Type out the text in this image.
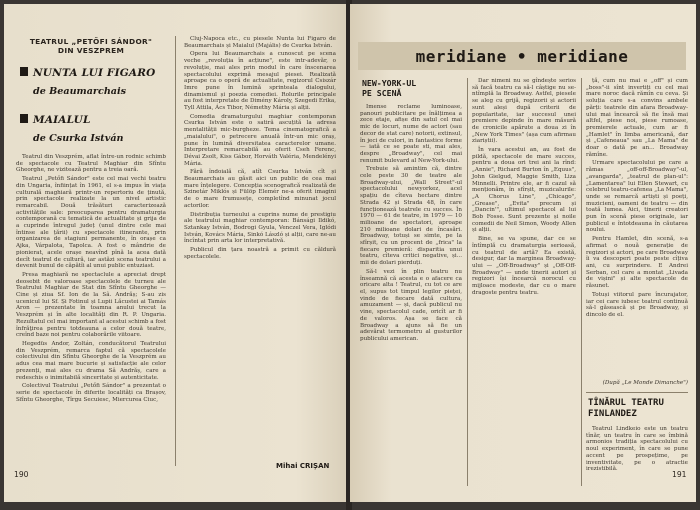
TEATRUL „PETŐFI SÁNDOR"
DIN VESZPREM
NUNTA LUI FIGARO
de Beaumarchais
MAIALUL
de Csurka István

Teatrul din Veszprém, aflat între-un rodnic schimb de spectacole cu Teatrul Maghiar din Sfîntu Gheorghe, ne vizitează pentru a treia oară.

Teatrul „Petőfi Sándor" este cel mai vechi teatru din Ungaria, înființat în 1961, el s-a impus în viața culturală maghiară printr-un repertoriu de ținută, prin spectacole realizate la un nivel artistic remarcabil. Două trăsături caracterizează activitățile sale: preocuparea pentru dramaturgia contemporană cu tematică de actualitate și grija de a cuprinde întregul județ (unul dintre cele mai întinse ale țării) cu spectacole itinerante, prin organizarea de stagiuni permanente, în orașe ca Ajka, Várpalota, Tapolca. A fost o mândrie de pionierat, acele orașe neavînd pînă la acea dată decît teatrul de cultură, iar astăzi scena teatrului a devenit bunul de căpătîi al unui public entuziast.

Presa maghiară ne spectaclule a apreciat drept deosebit de valoroase spectacolele de turneu ale Teatrului Maghiar de Stat din Sfîntu Gheorghe — Cine și ziua Sf. Ion de la Sâ. Andrăș; S-au zis ucenicul lui Sf. Și Fotinul și Lupii Lăcustei ai Tamás Aron — prezentate în toamna anului trecut la Veszprém și în alte localități din R. P. Ungaria. Rezultatul cel mai important al acestui schimb a fost înfrăţirea pentru totdeauna a celor două teatre, creînd baze noi pentru colaborările viitoare.

Hegedüs Andor, Zoltán, conducătorul Teatrului din Veszprém, remarca faptul că spectacolele colectivului din Sfîntu Gheorghe de la Veszprém au adus cea mai mare bucurie și satisfacție ale celor prezenți, mai ales cu drama Sâ Andrăș, care a redeschis o inimitabilă sinceritate și autenticitate.

Colectivul Teatrului „Petőfi Sándor" a prezentat o serie de spectacole în diferite localități ca Brașov, Sfîntu Gheorghe, Tîrgu Secuiesc, Miercurea Ciuc,

Cluj-Napoca etc., cu piesele Nunta lui Figaro de Beaumarchais și Maialul (Majális) de Csurka István.

Opera lui Beaumarchais a cunoscut pe scena veche „revoluția în acțiune", este intr-adevăr, o revoluție, mai ales prin modul în care înscenarea spectacolului exprimă mesajul piesei. Realizată aproape ca o operă de actualitate, regizorul Csiszár Imre pune în lumină sprinteala dialogului, dinamismul și poezia comediei. Rolurile principale au fost interpretate de Dimény Károly, Szegedi Erika, Tyll Attila, Ács Tibor, Némethy Mária și alții.

Comedia dramaturgului maghiar contemporan Csurka István este o satiră ascuțită la adresa mentalității mic-burgheze. Tema cinematografică a „maialului", o petrecere anuală într-un mic oraș, pune în lumină diversitatea caracterelor umane. Interpretare remarcabilă au oferit Cseh Ferenc, Dévai Zsolt, Kiss Gábor, Horváth Valéria, Mendelényi Mária.

Fără îndoială că, atît Csurka István cît și Beaumarchais au găsit aici un public de cea mai mare înțelegere. Concepția scenografică realizată de Szinetár Miklós și Fülöp Elemér ne-a oferit imagini de o mare frumusețe, completînd minunat jocul actorilor.

Distribuția turneului a cuprins nume de prestigiu ale teatrului maghiar contemporan: Bánsági Ildikó, Sztankay István, Bodrogi Gyula, Venczel Vera, Iglódi István, Kovács Mária, Sinkó László și alții, care ne-au încîntat prin arta lor interpretativă.

Publicul din țara noastră a primit cu căldură spectacolele.

Mihai CRIȘAN
190
meridiane • meridiane
NEW-YORK-UL
PE SCENĂ

Imense reclame luminoase, panouri publicitare pe înălțimea a zece etaje, afișe din satul cel mai mic de locuri, nume de actori (sau decor de stat care) notorii, extinsul, în jeci de culori, in fantastice forme — iată ce se poate sti, mai ales, despre „Broadway", cel mai renumit bulevard al New-York-ului.

Trebuie să amintim că, dintre cele peste 30 de teatre ale Broadway-ului, „Wall Street"-ul spectacolului newyorkez, acel spațiu de cîteva hectare dintre Strada 42 și Strada 48, în care funcționează teatrele cu succes. În 1970 — 61 de teatre, in 1979 — 10 milioane de spectatori, aproape 210 milioane dolari de încasări. Broadway, totuși se simte, pe la sfîrșit, cu un procent de „frica" la fiecare premieră: disparitia unui teatru, cîteva critici negative, și... mii de dolari pierduți.

Să-l vezi în plin teatru nu înseamnă că acesta e o afacere ca oricare alta ! Teatrul, cu tot ce are el, supus tot timpul legilor pieței, vinde de fiecare dată cultura, amuzament — și, dacă publicul nu vine, spectacolul cade, oricît ar fi de valoros. Așa se face că Broadway a ajuns să fie un adevărat termometru al gusturilor publicului american.

Dar nimeni nu se gîndește serios să facă teatru ca să-l câștige nu se-ntîmplă la Broadway. Astfel, piesele se aleg cu grijă, regizorii și actorii sunt aleși după criterii de popularitate, iar succesul unei premiere depinde în mare măsură de cronicile apărute a doua zi în „New York Times" (așa cum afirmau ziariștii).

În vara acestui an, au fost de pildă, spectacole de mare succes, pentru a doua ori trei ani la rînd: „Annie", Richard Burton în „Equus", John Gielgud, Maggie Smith, Liza Minnelli. Printre ele, ar fi cazul să menționăm, în sfîrșit, muzicalurile: „A Chorus Line", „Chicago", „Grease", „Evita" precum și „Dancin'", ultimul spectacol al lui Bob Fosse. Sunt prezente și noile comedii de Neil Simon, Woody Allen și alții.

Bine, se va spune, dar ce se întîmplă cu dramaturgia serioasă, cu teatrul de artă? Ea există, desigur, dar la marginea Broadway-ului — „Off-Broadway" și „Off-Off-Broadway" — unde tinerii autori și regizori își încearcă norocul cu mijloace modeste, dar cu o mare dragoste pentru teatru.

ță, cum nu mai e „off" și cum „boss"-ii sînt invertiți cu cel mai mare noroc dacă rămîn cu ceva. Și soluția care s-a convins ambele părți: teatrele din afara Broadway-ului mai încearcă să fie însă mai altfel, piese noi, piese rumoase, premierele actuale, cum ar fi „Hamlet" în limba americană, dar și „Cafeneaua" sau „La Mama" de doar o dată pe an... Broadway rămîne.

Urmare spectacolului pe care a rămas „off-off-Broadway"-ul, „avangarda", „teatrul de plan-ul": „Lamentarea" lui Ellen Stewart, cu celebrul teatru-cafenea „La Mama", unde se remarcă artiști și poeți, muzicieni, oameni de teatru — din toată lumea. Aici, tinerii creatori pun în scenă piese originale, iar publicul e întotdeauna în căutarea noului.

Pentru Hamlet, din scenă, s-a afirmat o nouă generație de regizori și actori, pe care Broadway îi va descoperi poate peste cîțiva ani, cu surprindere. E Andrei Serban, cel care a montat „Livada de vișini" și alte spectacole de răsunet.

Totuși viitorul pare încurajator, iar cei care iubesc teatrul continuă să-l găsească și pe Broadway, și dincolo de el.

(După „Le Monde Dimanche")
TÎNĂRUL TEATRU
FINLANDEZ

Teatrul Lindkeio este un teatru tînăr, un teatru în care se îmbină armonios tradiția spectacolului cu noul experiment, în care se pune accent pe prospețime, pe inventivitate, pe o atractie irezistibilă.

191
